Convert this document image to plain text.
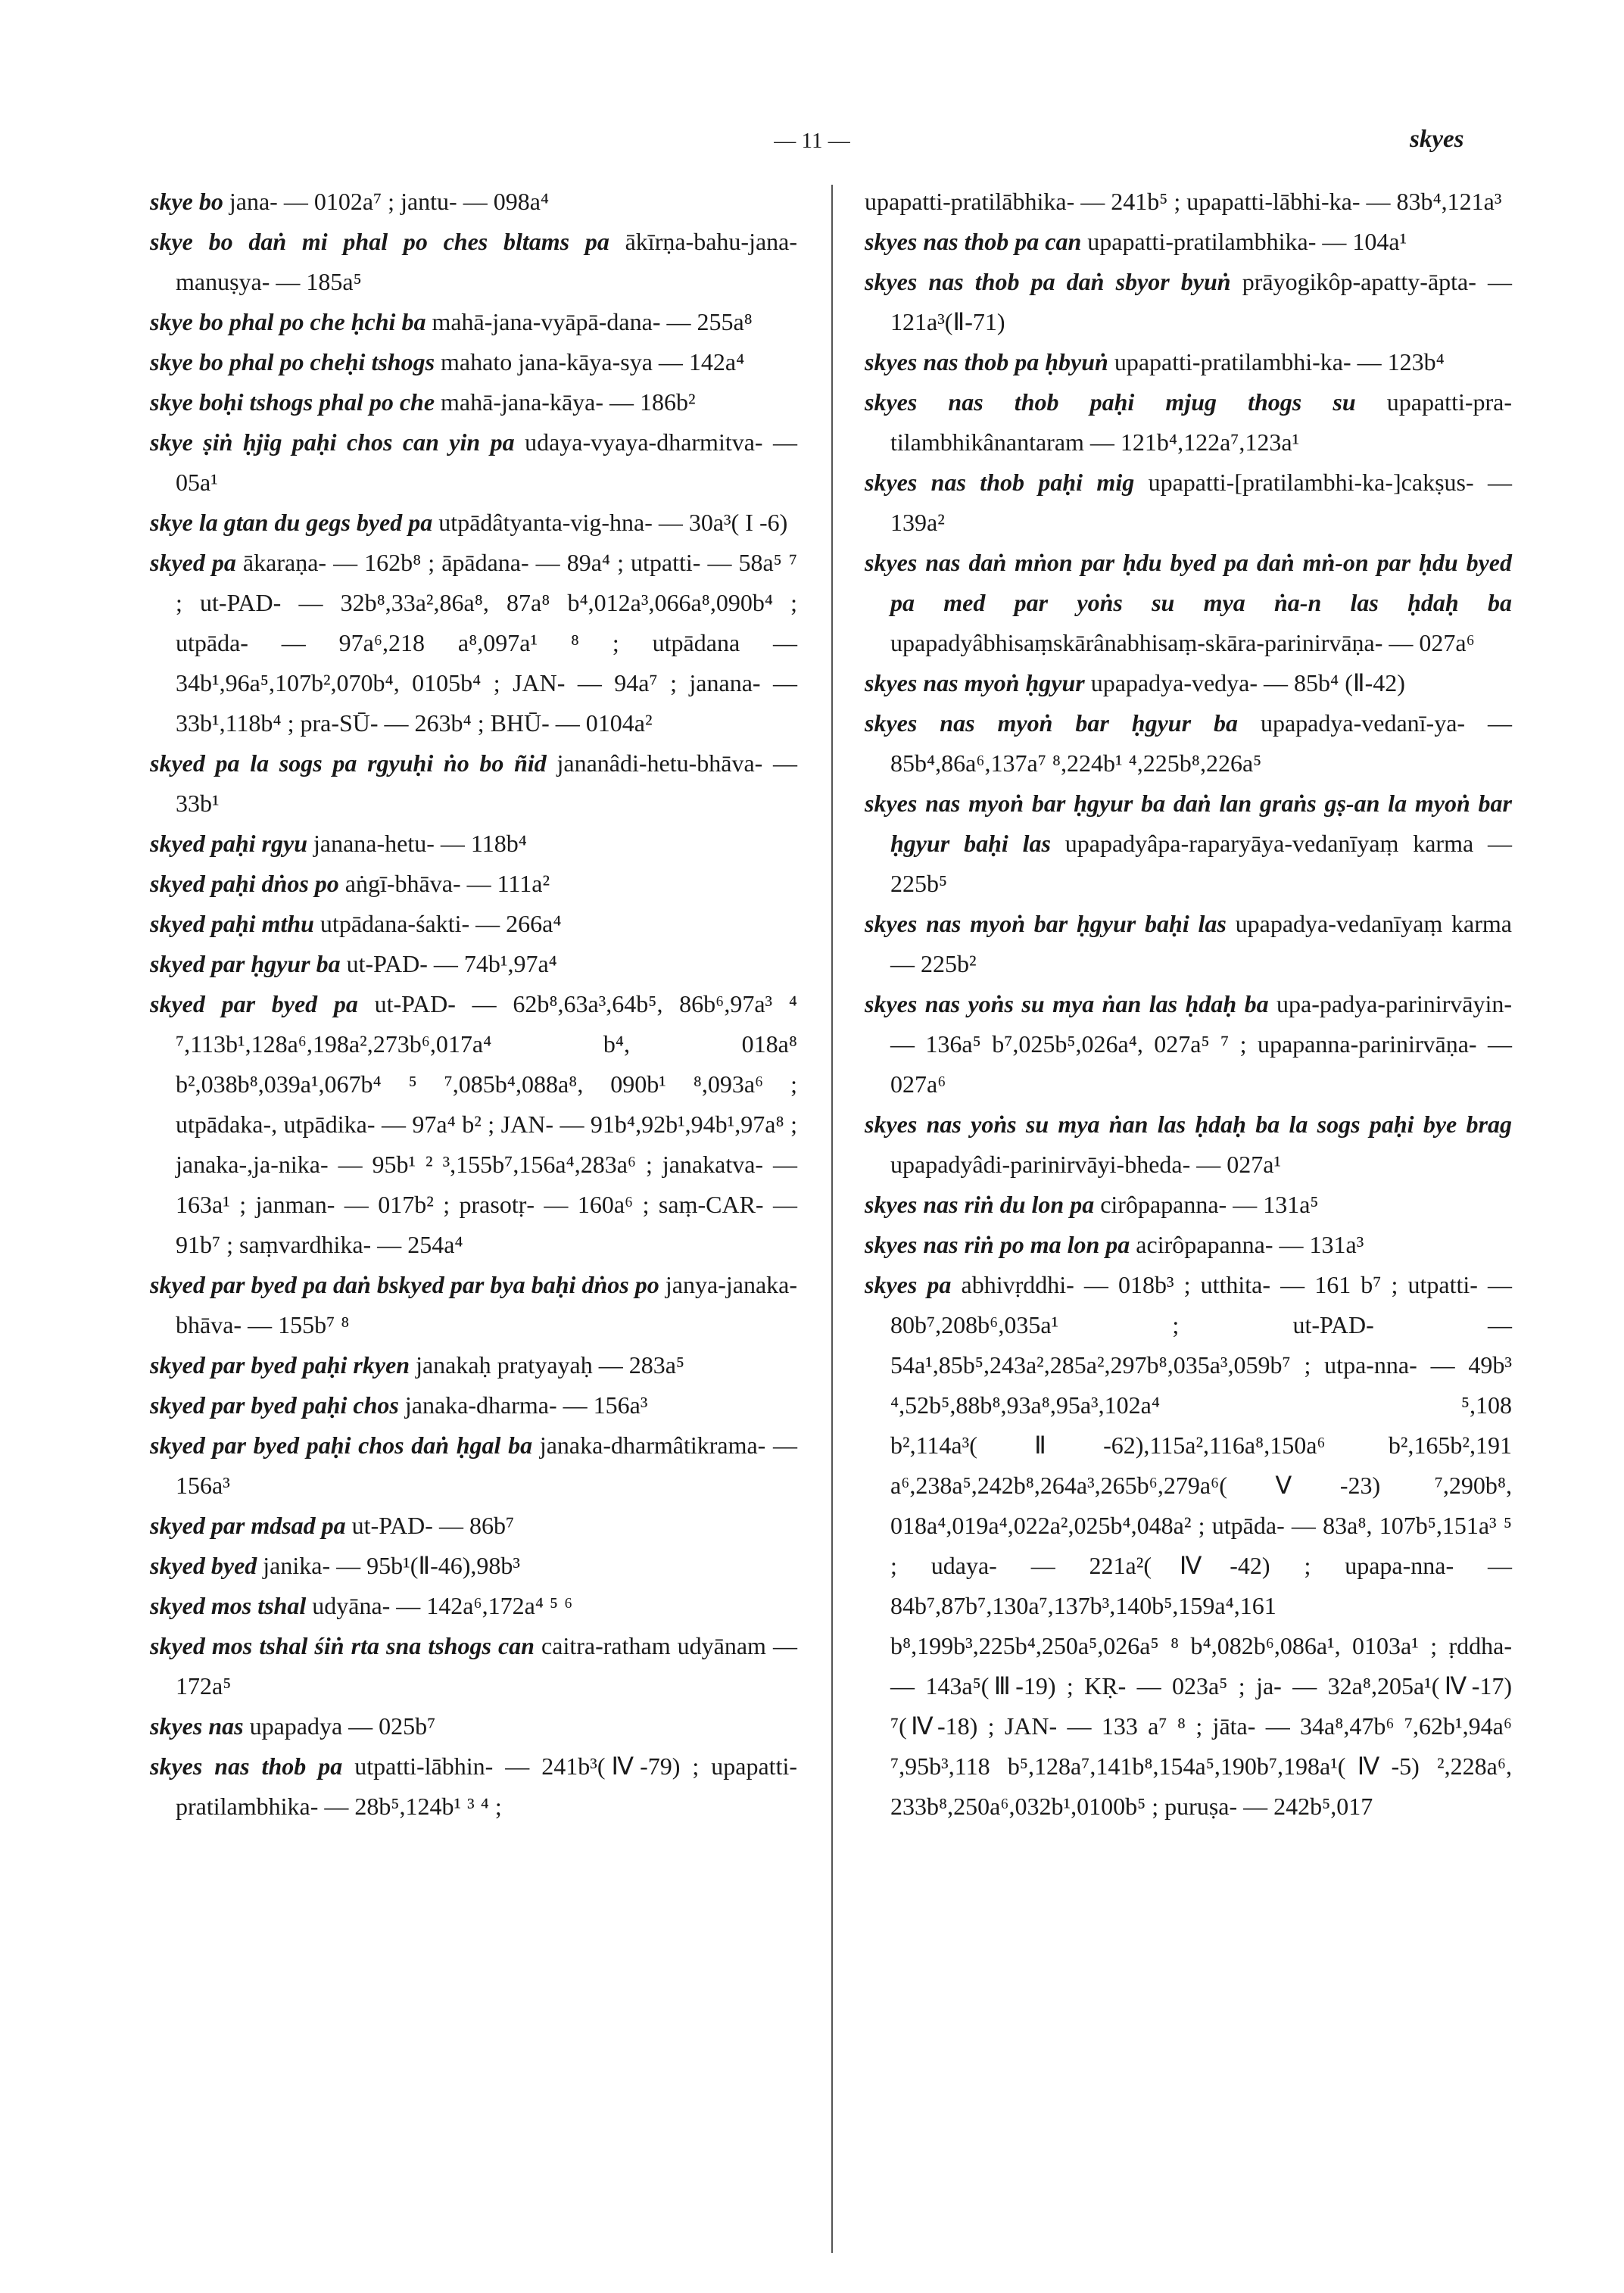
— 11 —	skyes

skye bo jana- — 0102a⁷ ; jantu- — 098a⁴

skye bo daṅ mi phal po ches bltams pa ākīrṇa-bahu-jana-manuṣya- — 185a⁵

skye bo phal po che ḥchi ba mahā-jana-vyāpā-dana- — 255a⁸

skye bo phal po cheḥi tshogs mahato jana-kāya-sya — 142a⁴

skye boḥi tshogs phal po che mahā-jana-kāya- — 186b²

skye ṣiṅ ḥjig paḥi chos can yin pa udaya-vyaya-dharmitva- — 05a¹

skye la gtan du gegs byed pa utpādâtyanta-vig-hna- — 30a³( I -6)

skyed pa ākaraṇa- — 162b⁸ ; āpādana- — 89a⁴ ; utpatti- — 58a⁵ ⁷ ; ut-PAD- — 32b⁸,33a²,86a⁸, 87a⁸ b⁴,012a³,066a⁸,090b⁴ ; utpāda- — 97a⁶,218 a⁸,097a¹ ⁸ ; utpādana — 34b¹,96a⁵,107b²,070b⁴, 0105b⁴ ; JAN- — 94a⁷ ; janana- — 33b¹,118b⁴ ; pra-SŪ- — 263b⁴ ; BHŪ- — 0104a²

skyed pa la sogs pa rgyuḥi ṅo bo ñid jananâdi-hetu-bhāva- — 33b¹

skyed paḥi rgyu janana-hetu- — 118b⁴

skyed paḥi dṅos po aṅgī-bhāva- — 111a²

skyed paḥi mthu utpādana-śakti- — 266a⁴

skyed par ḥgyur ba ut-PAD- — 74b¹,97a⁴

skyed par byed pa ut-PAD- — 62b⁸,63a³,64b⁵, 86b⁶,97a³ ⁴ ⁷,113b¹,128a⁶,198a²,273b⁶,017a⁴ b⁴, 018a⁸ b²,038b⁸,039a¹,067b⁴ ⁵ ⁷,085b⁴,088a⁸, 090b¹ ⁸,093a⁶ ; utpādaka-, utpādika- — 97a⁴ b² ; JAN- — 91b⁴,92b¹,94b¹,97a⁸ ; janaka-,ja-nika- — 95b¹ ² ³,155b⁷,156a⁴,283a⁶ ; janakatva- — 163a¹ ; janman- — 017b² ; prasotṛ- — 160a⁶ ; saṃ-CAR- — 91b⁷ ; saṃvardhika- — 254a⁴

skyed par byed pa daṅ bskyed par bya baḥi dṅos po janya-janaka-bhāva- — 155b⁷ ⁸

skyed par byed paḥi rkyen janakaḥ pratyayaḥ — 283a⁵

skyed par byed paḥi chos janaka-dharma- — 156a³

skyed par byed paḥi chos daṅ ḥgal ba janaka-dharmâtikrama- — 156a³

skyed par mdsad pa ut-PAD- — 86b⁷

skyed byed janika- — 95b¹(Ⅱ-46),98b³

skyed mos tshal udyāna- — 142a⁶,172a⁴ ⁵ ⁶

skyed mos tshal śiṅ rta sna tshogs can caitra-ratham udyānam — 172a⁵

skyes nas upapadya — 025b⁷

skyes nas thob pa utpatti-lābhin- — 241b³(Ⅳ-79) ; upapatti-pratilambhika- — 28b⁵,124b¹ ³ ⁴ ;

upapatti-pratilābhika- — 241b⁵ ; upapatti-lābhi-ka- — 83b⁴,121a³

skyes nas thob pa can upapatti-pratilambhika- — 104a¹

skyes nas thob pa daṅ sbyor byuṅ prāyogikôp-apatty-āpta- — 121a³(Ⅱ-71)

skyes nas thob pa ḥbyuṅ upapatti-pratilambhi-ka- — 123b⁴

skyes nas thob paḥi mjug thogs su upapatti-pra-tilambhikânantaram — 121b⁴,122a⁷,123a¹

skyes nas thob paḥi mig upapatti-[pratilambhi-ka-]cakṣus- — 139a²

skyes nas daṅ mṅon par ḥdu byed pa daṅ mṅ-on par ḥdu byed pa med par yoṅs su mya ṅa-n las ḥdaḥ ba upapadyâbhisaṃskārânabhisaṃ-skāra-parinirvāṇa- — 027a⁶

skyes nas myoṅ ḥgyur upapadya-vedya- — 85b⁴ (Ⅱ-42)

skyes nas myoṅ bar ḥgyur ba upapadya-vedanī-ya- — 85b⁴,86a⁶,137a⁷ ⁸,224b¹ ⁴,225b⁸,226a⁵

skyes nas myoṅ bar ḥgyur ba daṅ lan graṅs gṣ-an la myoṅ bar ḥgyur baḥi las upapadyâpa-raparyāya-vedanīyaṃ karma — 225b⁵

skyes nas myoṅ bar ḥgyur baḥi las upapadya-vedanīyaṃ karma — 225b²

skyes nas yoṅs su mya ṅan las ḥdaḥ ba upa-padya-parinirvāyin- — 136a⁵ b⁷,025b⁵,026a⁴, 027a⁵ ⁷ ; upapanna-parinirvāṇa- — 027a⁶

skyes nas yoṅs su mya ṅan las ḥdaḥ ba la sogs paḥi bye brag upapadyâdi-parinirvāyi-bheda- — 027a¹

skyes nas riṅ du lon pa cirôpapanna- — 131a⁵

skyes nas riṅ po ma lon pa acirôpapanna- — 131a³

skyes pa abhivṛddhi- — 018b³ ; utthita- — 161 b⁷ ; utpatti- — 80b⁷,208b⁶,035a¹ ; ut-PAD- — 54a¹,85b⁵,243a²,285a²,297b⁸,035a³,059b⁷ ; utpa-nna- — 49b³ ⁴,52b⁵,88b⁸,93a⁸,95a³,102a⁴ ⁵,108 b²,114a³(Ⅱ-62),115a²,116a⁸,150a⁶ b²,165b²,191 a⁶,238a⁵,242b⁸,264a³,265b⁶,279a⁶(Ⅴ-23) ⁷,290b⁸, 018a⁴,019a⁴,022a²,025b⁴,048a² ; utpāda- — 83a⁸, 107b⁵,151a³ ⁵ ; udaya- — 221a²(Ⅳ-42) ; upapa-nna- — 84b⁷,87b⁷,130a⁷,137b³,140b⁵,159a⁴,161 b⁸,199b³,225b⁴,250a⁵,026a⁵ ⁸ b⁴,082b⁶,086a¹, 0103a¹ ; ṛddha- — 143a⁵(Ⅲ-19) ; KṚ- — 023a⁵ ; ja- — 32a⁸,205a¹(Ⅳ-17) ⁷(Ⅳ-18) ; JAN- — 133 a⁷ ⁸ ; jāta- — 34a⁸,47b⁶ ⁷,62b¹,94a⁶ ⁷,95b³,118 b⁵,128a⁷,141b⁸,154a⁵,190b⁷,198a¹(Ⅳ-5) ²,228a⁶, 233b⁸,250a⁶,032b¹,0100b⁵ ; puruṣa- — 242b⁵,017
